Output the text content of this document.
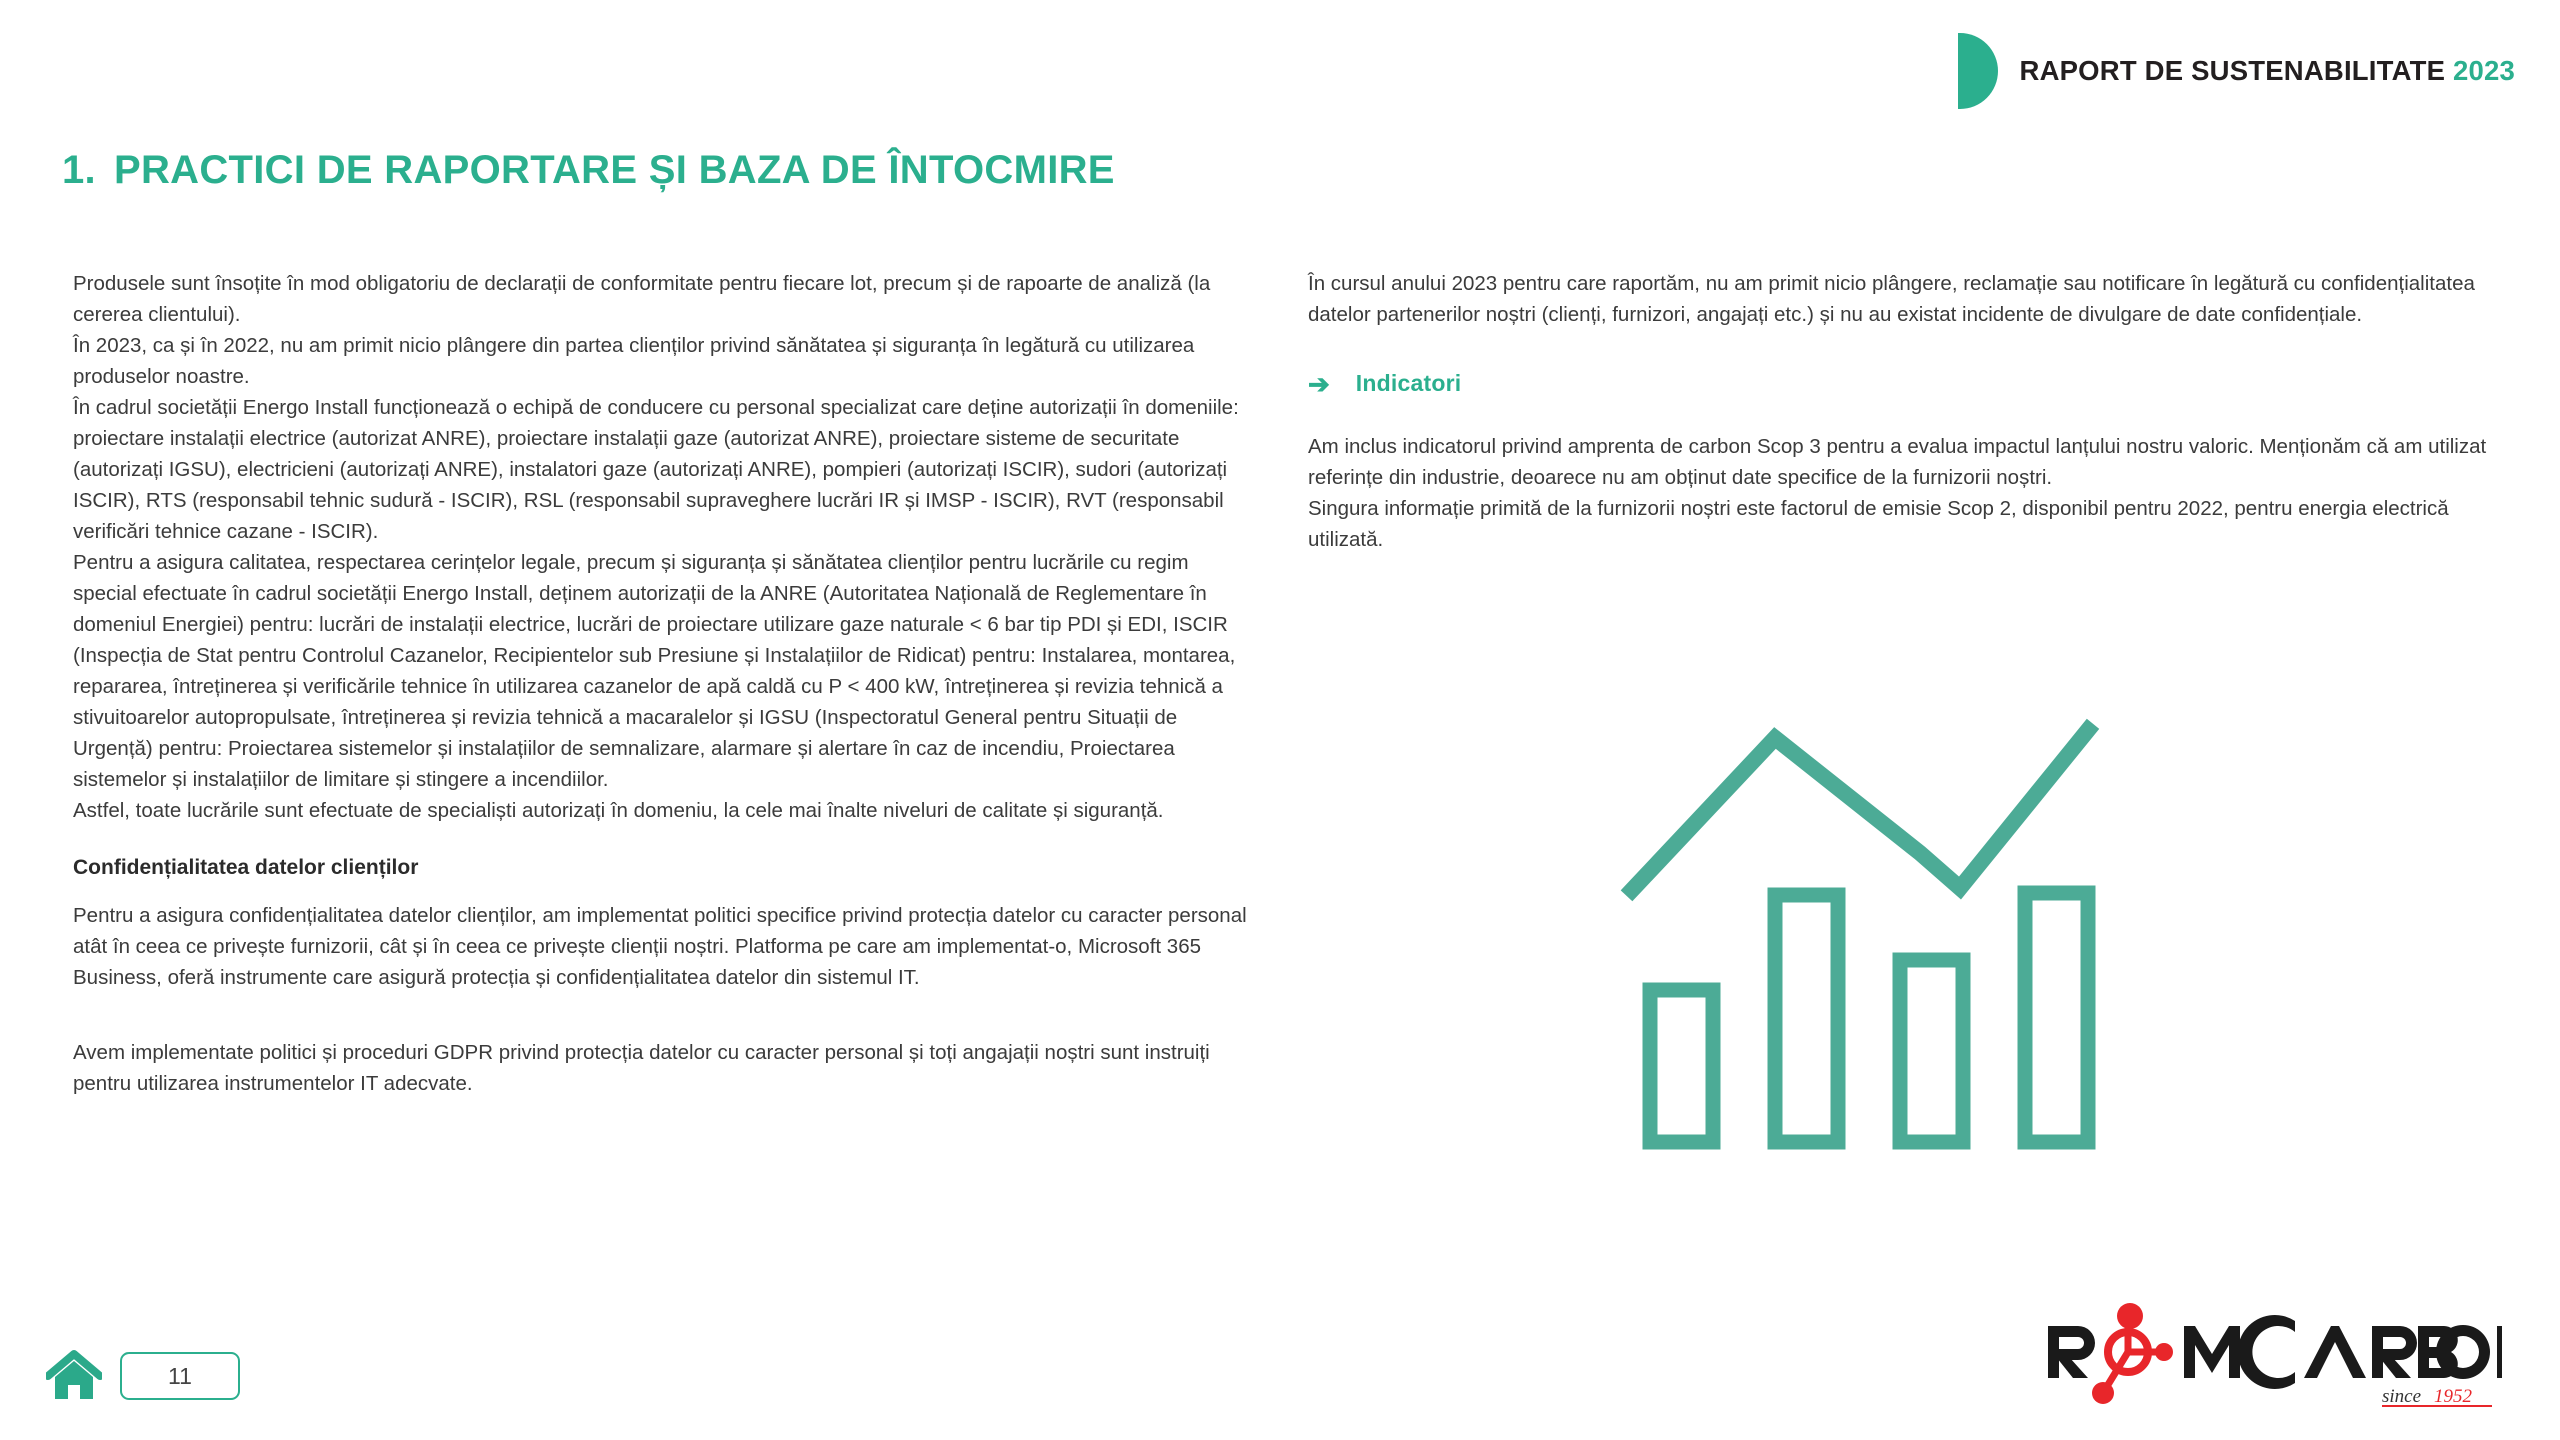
RAPORT DE SUSTENABILITATE 2023
1. PRACTICI DE RAPORTARE ȘI BAZA DE ÎNTOCMIRE

Produsele sunt însoțite în mod obligatoriu de declarații de conformitate pentru fiecare lot, precum și de rapoarte de analiză (la cererea clientului).

În 2023, ca și în 2022, nu am primit nicio plângere din partea clienților privind sănătatea și siguranța în legătură cu utilizarea produselor noastre.

În cadrul societății Energo Install funcționează o echipă de conducere cu personal specializat care deține autorizații în domeniile: proiectare instalații electrice (autorizat ANRE), proiectare instalații gaze (autorizat ANRE), proiectare sisteme de securitate (autorizați IGSU), electricieni (autorizați ANRE), instalatori gaze (autorizați ANRE), pompieri (autorizați ISCIR), sudori (autorizați ISCIR), RTS (responsabil tehnic sudură - ISCIR), RSL (responsabil supraveghere lucrări IR și IMSP - ISCIR), RVT (responsabil verificări tehnice cazane - ISCIR).

Pentru a asigura calitatea, respectarea cerințelor legale, precum și siguranța și sănătatea clienților pentru lucrările cu regim special efectuate în cadrul societății Energo Install, deținem autorizații de la ANRE (Autoritatea Națională de Reglementare în domeniul Energiei) pentru: lucrări de instalații electrice, lucrări de proiectare utilizare gaze naturale < 6 bar tip PDI și EDI, ISCIR (Inspecția de Stat pentru Controlul Cazanelor, Recipientelor sub Presiune și Instalațiilor de Ridicat) pentru: Instalarea, montarea, repararea, întreținerea și verificările tehnice în utilizarea cazanelor de apă caldă cu P < 400 kW, întreținerea și revizia tehnică a stivuitoarelor autopropulsate, întreținerea și revizia tehnică a macaralelor și IGSU (Inspectoratul General pentru Situații de Urgență) pentru: Proiectarea sistemelor și instalațiilor de semnalizare, alarmare și alertare în caz de incendiu, Proiectarea sistemelor și instalațiilor de limitare și stingere a incendiilor.

Astfel, toate lucrările sunt efectuate de specialiști autorizați în domeniu, la cele mai înalte niveluri de calitate și siguranță.

Confidențialitatea datelor clienților

Pentru a asigura confidențialitatea datelor clienților, am implementat politici specifice privind protecția datelor cu caracter personal atât în ceea ce privește furnizorii, cât și în ceea ce privește clienții noștri. Platforma pe care am implementat-o, Microsoft 365 Business, oferă instrumente care asigură protecția și confidențialitatea datelor din sistemul IT.

Avem implementate politici și proceduri GDPR privind protecția datelor cu caracter personal și toți angajații noștri sunt instruiți pentru utilizarea instrumentelor IT adecvate.

În cursul anului 2023 pentru care raportăm, nu am primit nicio plângere, reclamație sau notificare în legătură cu confidențialitatea datelor partenerilor noștri (clienți, furnizori, angajați etc.) și nu au existat incidente de divulgare de date confidențiale.

➔ Indicatori

Am inclus indicatorul privind amprenta de carbon Scop 3 pentru a evalua impactul lanțului nostru valoric. Menționăm că am utilizat referințe din industrie, deoarece nu am obținut date specifice de la furnizorii noștri.

Singura informație primită de la furnizorii noștri este factorul de emisie Scop 2, disponibil pentru 2022, pentru energia electrică utilizată.

11
since 1952
